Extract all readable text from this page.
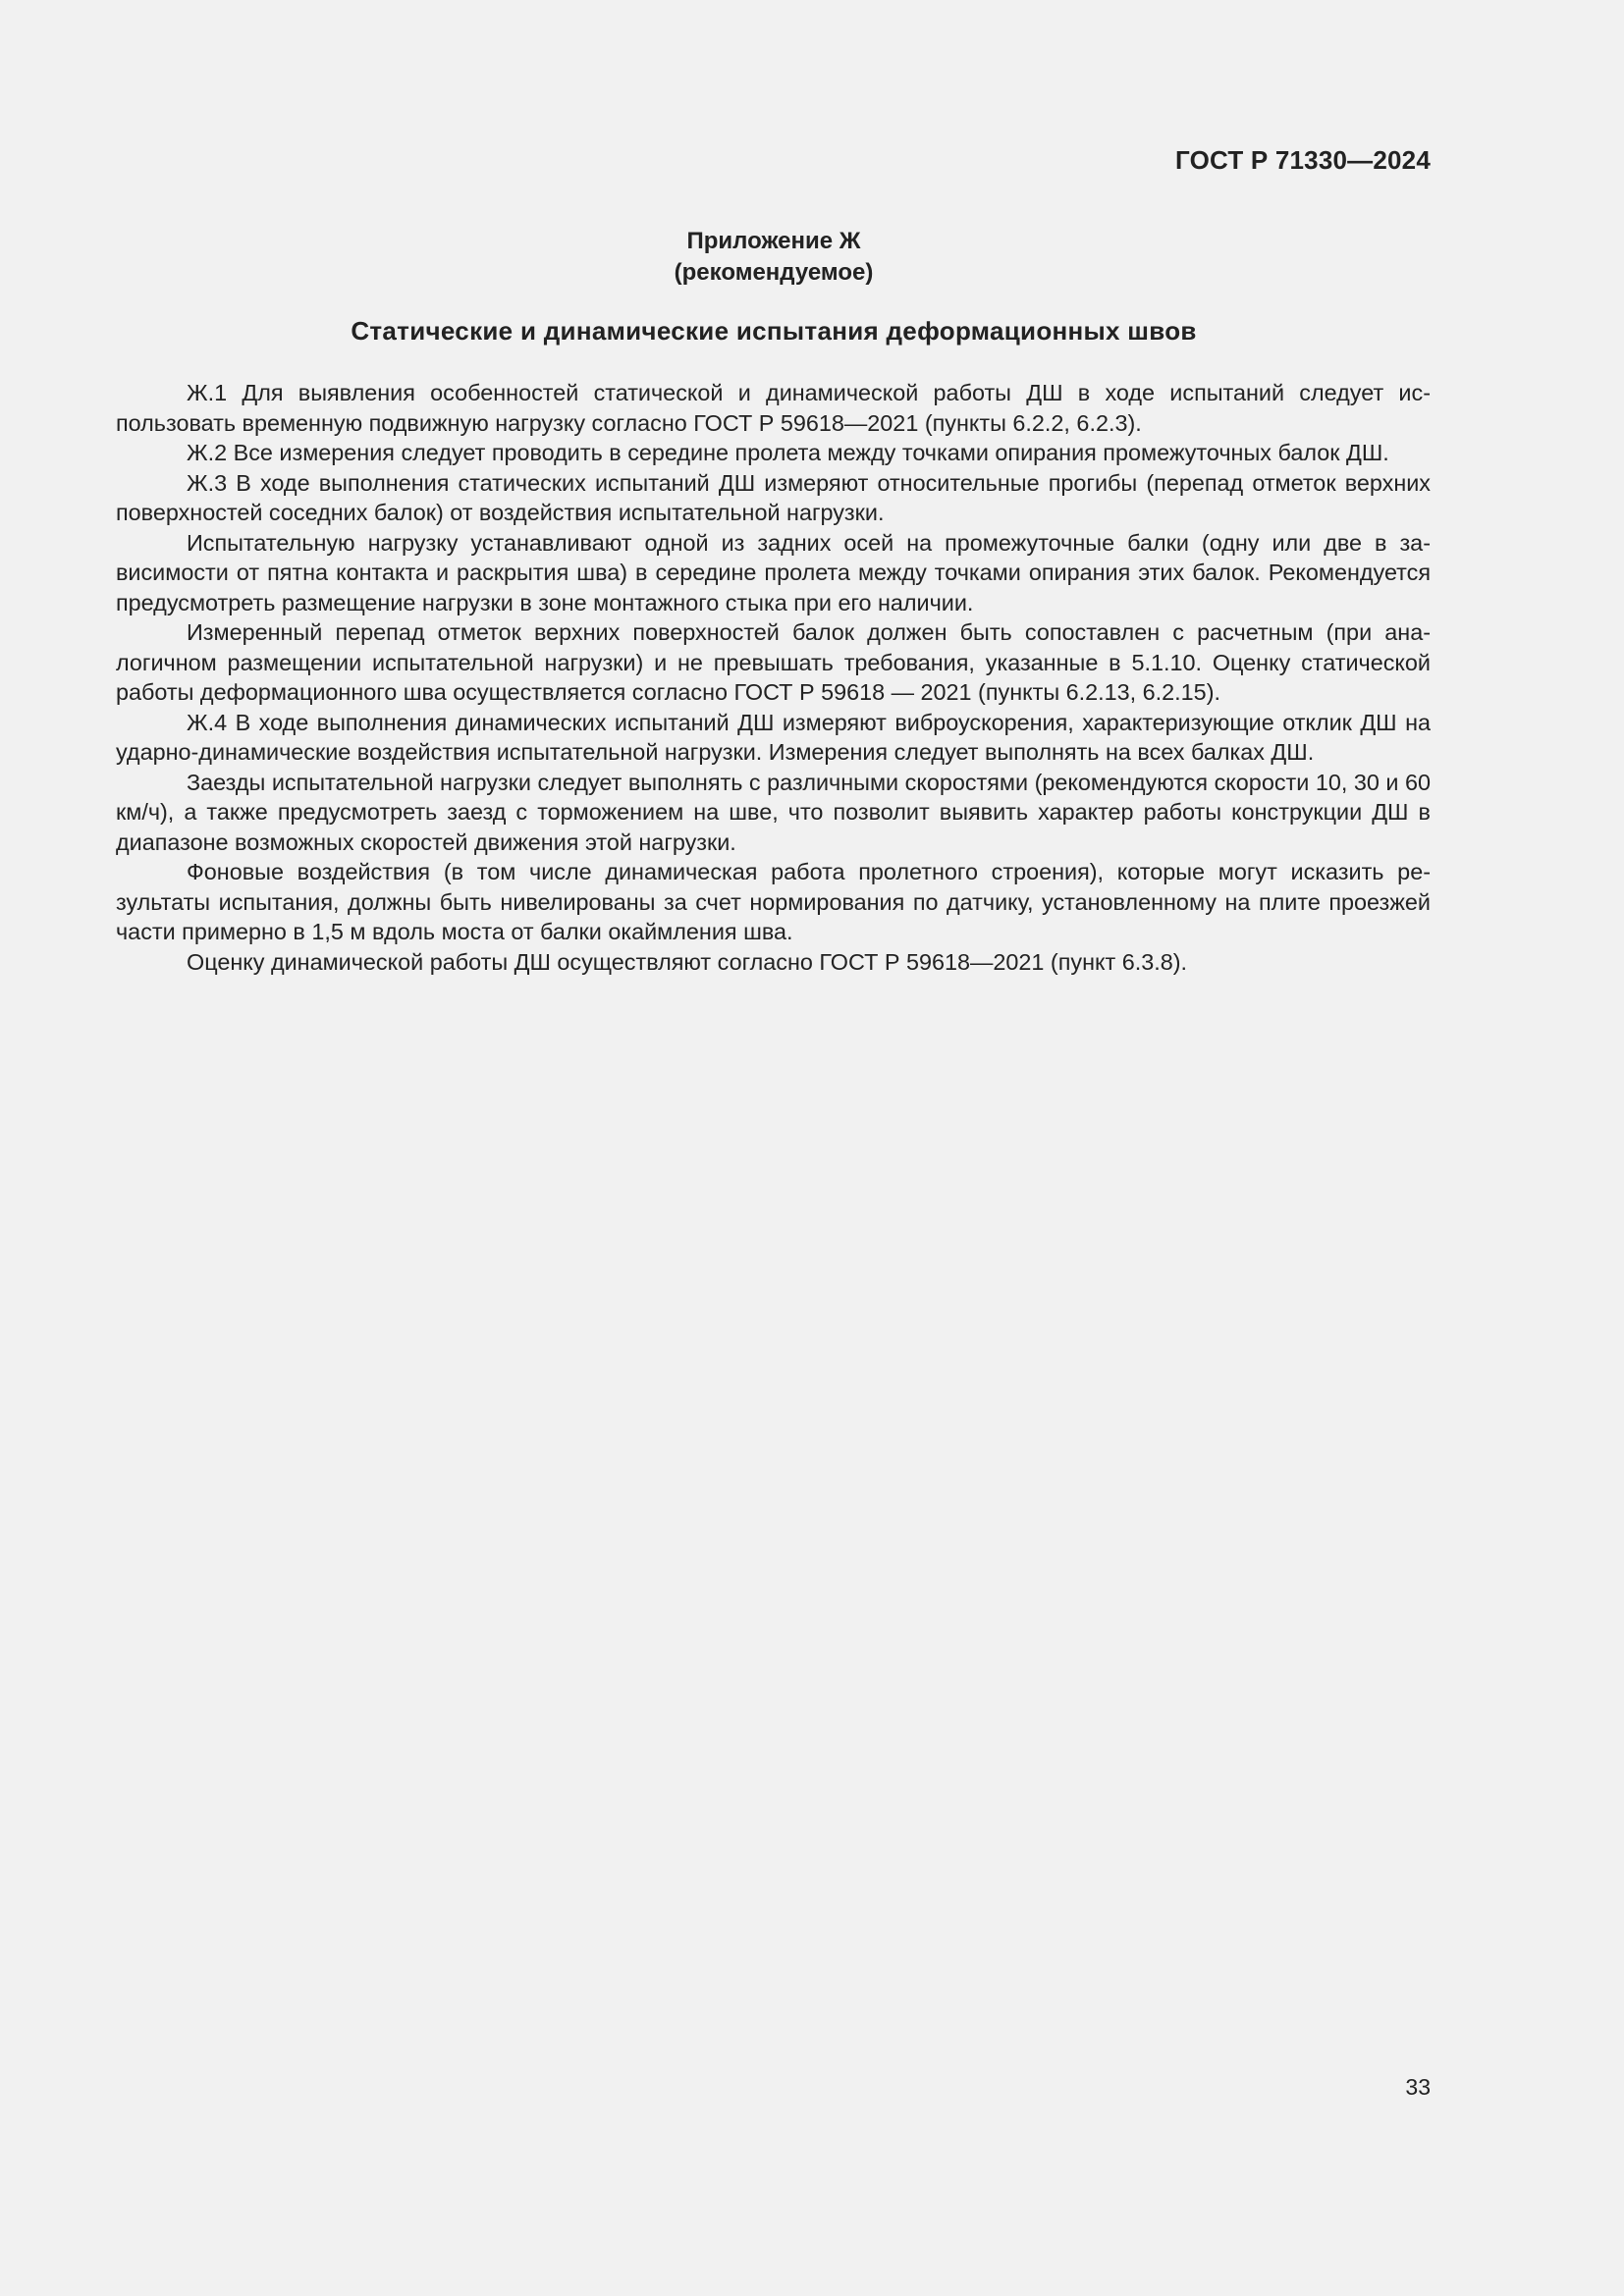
ГОСТ Р 71330—2024
Приложение Ж
(рекомендуемое)
Статические и динамические испытания деформационных швов

Ж.1 Для выявления особенностей статической и динамической работы ДШ в ходе испытаний следует использовать временную подвижную нагрузку согласно ГОСТ Р 59618—2021 (пункты 6.2.2, 6.2.3).

Ж.2 Все измерения следует проводить в середине пролета между точками опирания промежуточных балок ДШ.

Ж.3 В ходе выполнения статических испытаний ДШ измеряют относительные прогибы (перепад отметок верхних поверхностей соседних балок) от воздействия испытательной нагрузки.

Испытательную нагрузку устанавливают одной из задних осей на промежуточные балки (одну или две в зависимости от пятна контакта и раскрытия шва) в середине пролета между точками опирания этих балок. Рекомендуется предусмотреть размещение нагрузки в зоне монтажного стыка при его наличии.

Измеренный перепад отметок верхних поверхностей балок должен быть сопоставлен с расчетным (при аналогичном размещении испытательной нагрузки) и не превышать требования, указанные в 5.1.10. Оценку статической работы деформационного шва осуществляется согласно ГОСТ Р 59618 — 2021 (пункты 6.2.13, 6.2.15).

Ж.4 В ходе выполнения динамических испытаний ДШ измеряют виброускорения, характеризующие отклик ДШ на ударно-динамические воздействия испытательной нагрузки. Измерения следует выполнять на всех балках ДШ.

Заезды испытательной нагрузки следует выполнять с различными скоростями (рекомендуются скорости 10, 30 и 60 км/ч), а также предусмотреть заезд с торможением на шве, что позволит выявить характер работы конструкции ДШ в диапазоне возможных скоростей движения этой нагрузки.

Фоновые воздействия (в том числе динамическая работа пролетного строения), которые могут исказить результаты испытания, должны быть нивелированы за счет нормирования по датчику, установленному на плите проезжей части примерно в 1,5 м вдоль моста от балки окаймления шва.

Оценку динамической работы ДШ осуществляют согласно ГОСТ Р 59618—2021 (пункт 6.3.8).

33
